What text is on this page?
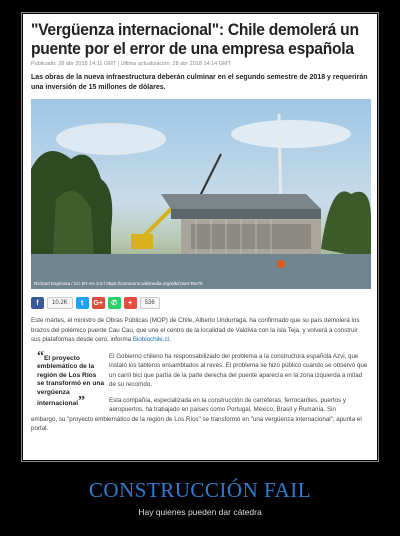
"Vergüenza internacional": Chile demolerá un puente por el error de una empresa española
Publicado: 28 abr 2018 14:11 GMT | Última actualización: 28 abr 2018 14:14 GMT
Las obras de la nueva infraestructura deberán culminar en el segundo semestre de 2018 y requerirán una inversión de 15 millones de dólares.
Richard Espinosa / CC BY-SA 3.0 / https://commons.wikimedia.org/wiki/User:Rei79
f	10.2K	t	G+	✆	+	536
Este martes, el ministro de Obras Públicas (MOP) de Chile, Alberto Undurraga, ha confirmado que su país demolerá los brazos del polémico puente Cau Cau, que une el centro de la localidad de Valdivia con la isla Teja, y volverá a construir sus plataformas desde cero, informa Biobiochile.cl.
“El proyecto emblemático de la región de Los Ríos se transformó en una vergüenza internacional”
El Gobierno chileno ha responsabilizado del problema a la constructora española Azvi, que instaló los tableros ensamblados al revés. El problema se hizo público cuando se observó que un carril bici que partía de la parte derecha del puente aparecía en la zona izquierda a mitad de su recorrido.
Esta compañía, especializada en la construcción de carreteras, ferrocarriles, puertos y aeropuertos, ha trabajado en países como Portugal, México, Brasil y Rumanía. Sin
embargo, su "proyecto emblemático de la región de Los Ríos" se transformó en "una vergüenza internacional", apunta el portal.
CONSTRUCCIÓN FAIL
Hay quienes pueden dar cátedra
